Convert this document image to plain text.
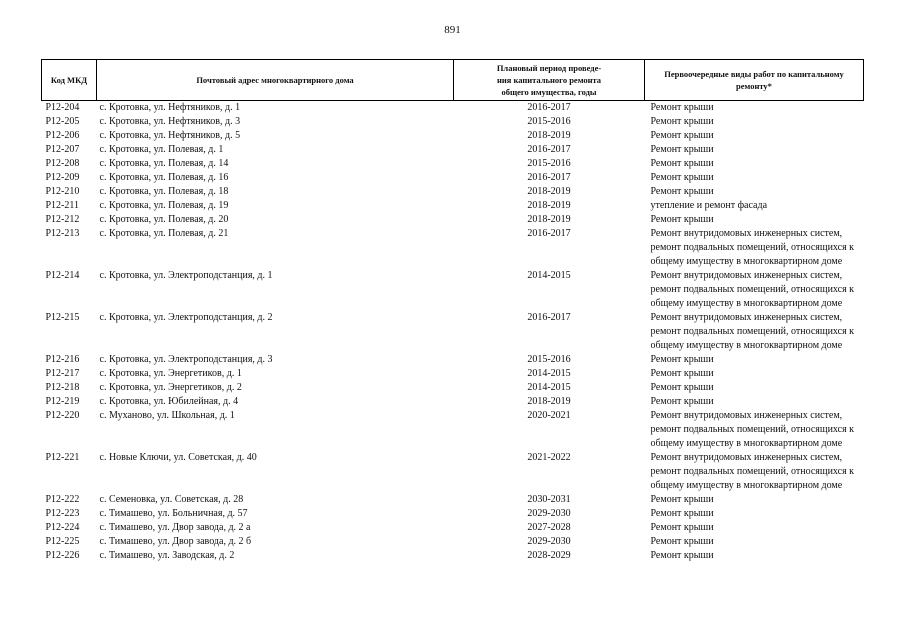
891
Код МКД	Почтовый адрес многоквартирного дома	Плановый период проведе-
ния капитального ремонта
общего имущества, годы	Первоочередные виды работ по капитальному
ремонту*

Р12-204	с. Кротовка, ул. Нефтяников, д. 1	2016-2017	Ремонт крыши

Р12-205	с. Кротовка, ул. Нефтяников, д. 3	2015-2016	Ремонт крыши

Р12-206	с. Кротовка, ул. Нефтяников, д. 5	2018-2019	Ремонт крыши

Р12-207	с. Кротовка, ул. Полевая, д. 1	2016-2017	Ремонт крыши

Р12-208	с. Кротовка, ул. Полевая, д. 14	2015-2016	Ремонт крыши

Р12-209	с. Кротовка, ул. Полевая, д. 16	2016-2017	Ремонт крыши

Р12-210	с. Кротовка, ул. Полевая, д. 18	2018-2019	Ремонт крыши

Р12-211	с. Кротовка, ул. Полевая, д. 19	2018-2019	утепление и ремонт фасада

Р12-212	с. Кротовка, ул. Полевая, д. 20	2018-2019	Ремонт крыши

Р12-213	с. Кротовка, ул. Полевая, д. 21	2016-2017	Ремонт внутридомовых инженерных систем,
ремонт подвальных помещений, относящихся к
общему имуществу в многоквартирном доме

Р12-214	с. Кротовка, ул. Электроподстанция, д. 1	2014-2015	Ремонт внутридомовых инженерных систем,
ремонт подвальных помещений, относящихся к
общему имуществу в многоквартирном доме

Р12-215	с. Кротовка, ул. Электроподстанция, д. 2	2016-2017	Ремонт внутридомовых инженерных систем,
ремонт подвальных помещений, относящихся к
общему имуществу в многоквартирном доме

Р12-216	с. Кротовка, ул. Электроподстанция, д. 3	2015-2016	Ремонт крыши

Р12-217	с. Кротовка, ул. Энергетиков, д. 1	2014-2015	Ремонт крыши

Р12-218	с. Кротовка, ул. Энергетиков, д. 2	2014-2015	Ремонт крыши

Р12-219	с. Кротовка, ул. Юбилейная, д. 4	2018-2019	Ремонт крыши

Р12-220	с. Муханово, ул. Школьная, д. 1	2020-2021	Ремонт внутридомовых инженерных систем,
ремонт подвальных помещений, относящихся к
общему имуществу в многоквартирном доме

Р12-221	с. Новые Ключи, ул. Советская, д. 40	2021-2022	Ремонт внутридомовых инженерных систем,
ремонт подвальных помещений, относящихся к
общему имуществу в многоквартирном доме

Р12-222	с. Семеновка, ул. Советская, д. 28	2030-2031	Ремонт крыши

Р12-223	с. Тимашево, ул. Больничная, д. 57	2029-2030	Ремонт крыши

Р12-224	с. Тимашево, ул. Двор завода, д. 2 а	2027-2028	Ремонт крыши

Р12-225	с. Тимашево, ул. Двор завода, д. 2 б	2029-2030	Ремонт крыши

Р12-226	с. Тимашево, ул. Заводская, д. 2	2028-2029	Ремонт крыши
